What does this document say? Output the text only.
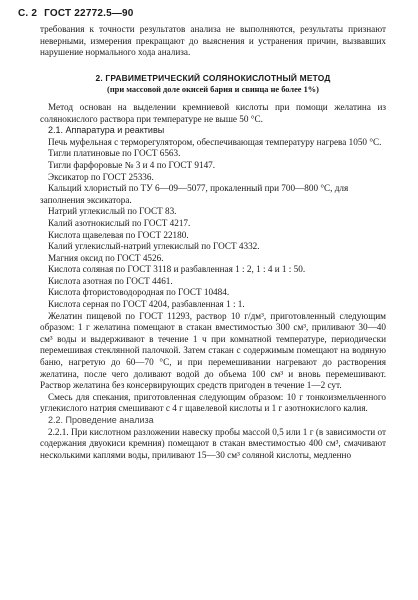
С. 2 ГОСТ 22772.5—90

требования к точности результатов анализа не выполняются, результаты признают неверными, измерения прекращают до выяснения и устранения причин, вызвавших нарушение нормального хода анализа.

2. ГРАВИМЕТРИЧЕСКИЙ СОЛЯНОКИСЛОТНЫЙ МЕТОД

(при массовой доле окисей бария и свинца не более 1%)

Метод основан на выделении кремниевой кислоты при помощи желатина из солянокислого раствора при температуре не выше 50 °С.

2.1. Аппаратура и реактивы

Печь муфельная с терморегулятором, обеспечивающая температуру нагрева 1050 °С.

Тигли платиновые по ГОСТ 6563.

Тигли фарфоровые № 3 и 4 по ГОСТ 9147.

Эксикатор по ГОСТ 25336.

Кальций хлористый по ТУ 6—09—5077, прокаленный при 700—800 °С, для заполнения эксикатора.

Натрий углекислый по ГОСТ 83.

Калий азотнокислый по ГОСТ 4217.

Кислота щавелевая по ГОСТ 22180.

Калий углекислый-натрий углекислый по ГОСТ 4332.

Магния оксид по ГОСТ 4526.

Кислота соляная по ГОСТ 3118 и разбавленная 1 : 2, 1 : 4 и 1 : 50.

Кислота азотная по ГОСТ 4461.

Кислота фтористоводородная по ГОСТ 10484.

Кислота серная по ГОСТ 4204, разбавленная 1 : 1.

Желатин пищевой по ГОСТ 11293, раствор 10 г/дм³, приготовленный следующим образом: 1 г желатина помещают в стакан вместимостью 300 см³, приливают 30—40 см³ воды и выдерживают в течение 1 ч при комнатной температуре, периодически перемешивая стеклянной палочкой. Затем стакан с содержимым помещают на водяную баню, нагретую до 60—70 °С, и при перемешивании нагревают до растворения желатина, после чего доливают водой до объема 100 см³ и вновь перемешивают. Раствор желатина без консервирующих средств пригоден в течение 1—2 сут.

Смесь для спекания, приготовленная следующим образом: 10 г тонкоизмельченного углекислого натрия смешивают с 4 г щавелевой кислоты и 1 г азотнокислого калия.

2.2. Проведение анализа

2.2.1. При кислотном разложении навеску пробы массой 0,5 или 1 г (в зависимости от содержания двуокиси кремния) помещают в стакан вместимостью 400 см³, смачивают несколькими каплями воды, приливают 15—30 см³ соляной кислоты, медленно
